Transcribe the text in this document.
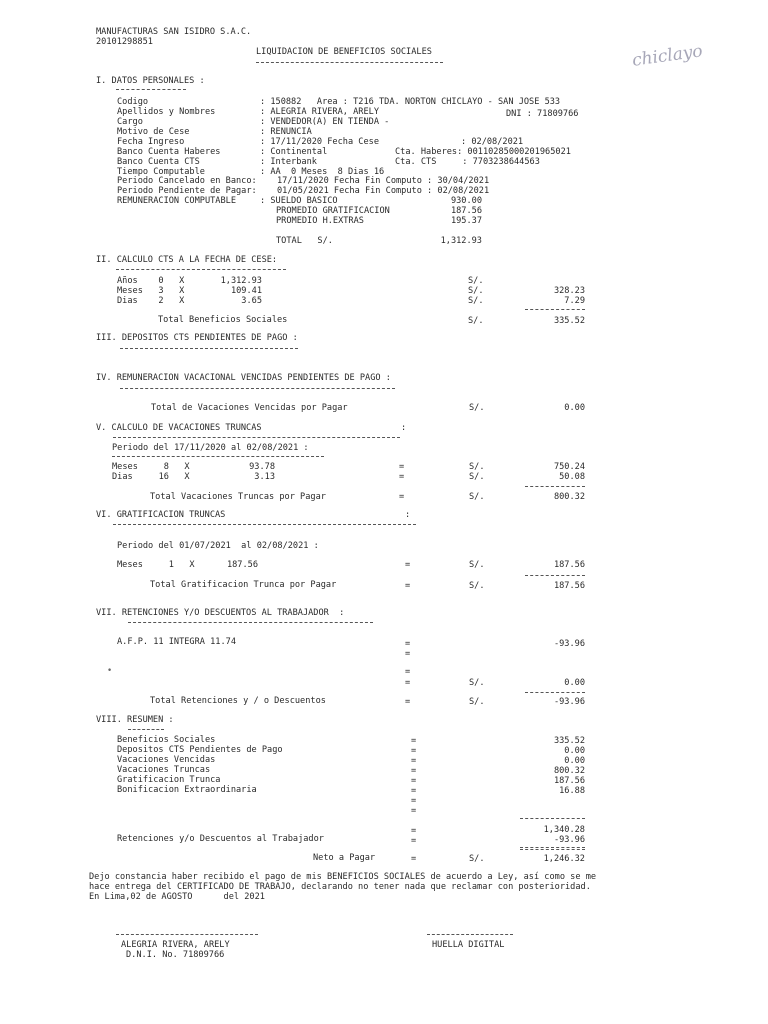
MANUFACTURAS SAN ISIDRO S.A.C.
20101298851
LIQUIDACION DE BENEFICIOS SOCIALES	chiclayo
I. DATOS PERSONALES :
Codigo	: 150882   Area : T216 TDA. NORTON CHICLAYO - SAN JOSE 533
Apellidos y Nombres	: ALEGRIA RIVERA, ARELY	DNI : 71809766
Cargo	: VENDEDOR(A) EN TIENDA -
Motivo de Cese	: RENUNCIA
Fecha Ingreso	: 17/11/2020 Fecha Cese	: 02/08/2021
Banco Cuenta Haberes	: Continental	Cta. Haberes: 00110285000201965021
Banco Cuenta CTS	: Interbank	Cta. CTS     : 7703238644563
Tiempo Computable	: AA  0 Meses  8 Dias 16
Periodo Cancelado en Banco: 17/11/2020 Fecha Fin Computo : 30/04/2021
Periodo Pendiente de Pagar: 01/05/2021 Fecha Fin Computo : 02/08/2021
REMUNERACION COMPUTABLE	: SUELDO BASICO	930.00
PROMEDIO GRATIFICACION	187.56
PROMEDIO H.EXTRAS	195.37
TOTAL   S/.	1,312.93
II. CALCULO CTS A LA FECHA DE CESE:
Años    0   X	1,312.93	S/.
Meses   3   X	109.41	S/.	328.23
Dias    2   X	3.65	S/.	7.29
Total Beneficios Sociales	S/.	335.52
III. DEPOSITOS CTS PENDIENTES DE PAGO :
IV. REMUNERACION VACACIONAL VENCIDAS PENDIENTES DE PAGO :
Total de Vacaciones Vencidas por Pagar	S/.	0.00
V. CALCULO DE VACACIONES TRUNCAS	:
Periodo del 17/11/2020 al 02/08/2021 :
Meses     8   X	93.78	=	S/.	750.24
Dias     16   X	3.13	=	S/.	50.08
Total Vacaciones Truncas por Pagar	=	S/.	800.32
VI. GRATIFICACION TRUNCAS	:
Periodo del 01/07/2021  al 02/08/2021 :
Meses     1   X	187.56	=	S/.	187.56
Total Gratificacion Trunca por Pagar	=	S/.	187.56
VII. RETENCIONES Y/O DESCUENTOS AL TRABAJADOR  :
A.F.P. 11 INTEGRA 11.74	=	-93.96
=
•	=
=	S/.	0.00
Total Retenciones y / o Descuentos	=	S/.	-93.96
VIII. RESUMEN :
Beneficios Sociales	=	335.52
Depositos CTS Pendientes de Pago	=	0.00
Vacaciones Vencidas	=	0.00
Vacaciones Truncas	=	800.32
Gratificacion Trunca	=	187.56
Bonificacion Extraordinaria	=	16.88
=
=
=	1,340.28
Retenciones y/o Descuentos al Trabajador	=	-93.96
Neto a Pagar	=	S/.	1,246.32
Dejo constancia haber recibido el pago de mis BENEFICIOS SOCIALES de acuerdo a Ley, así como se me
hace entrega del CERTIFICADO DE TRABAJO, declarando no tener nada que reclamar con posterioridad.
En Lima,02 de AGOSTO      del 2021
ALEGRIA RIVERA, ARELY
D.N.I. No. 71809766
HUELLA DIGITAL
